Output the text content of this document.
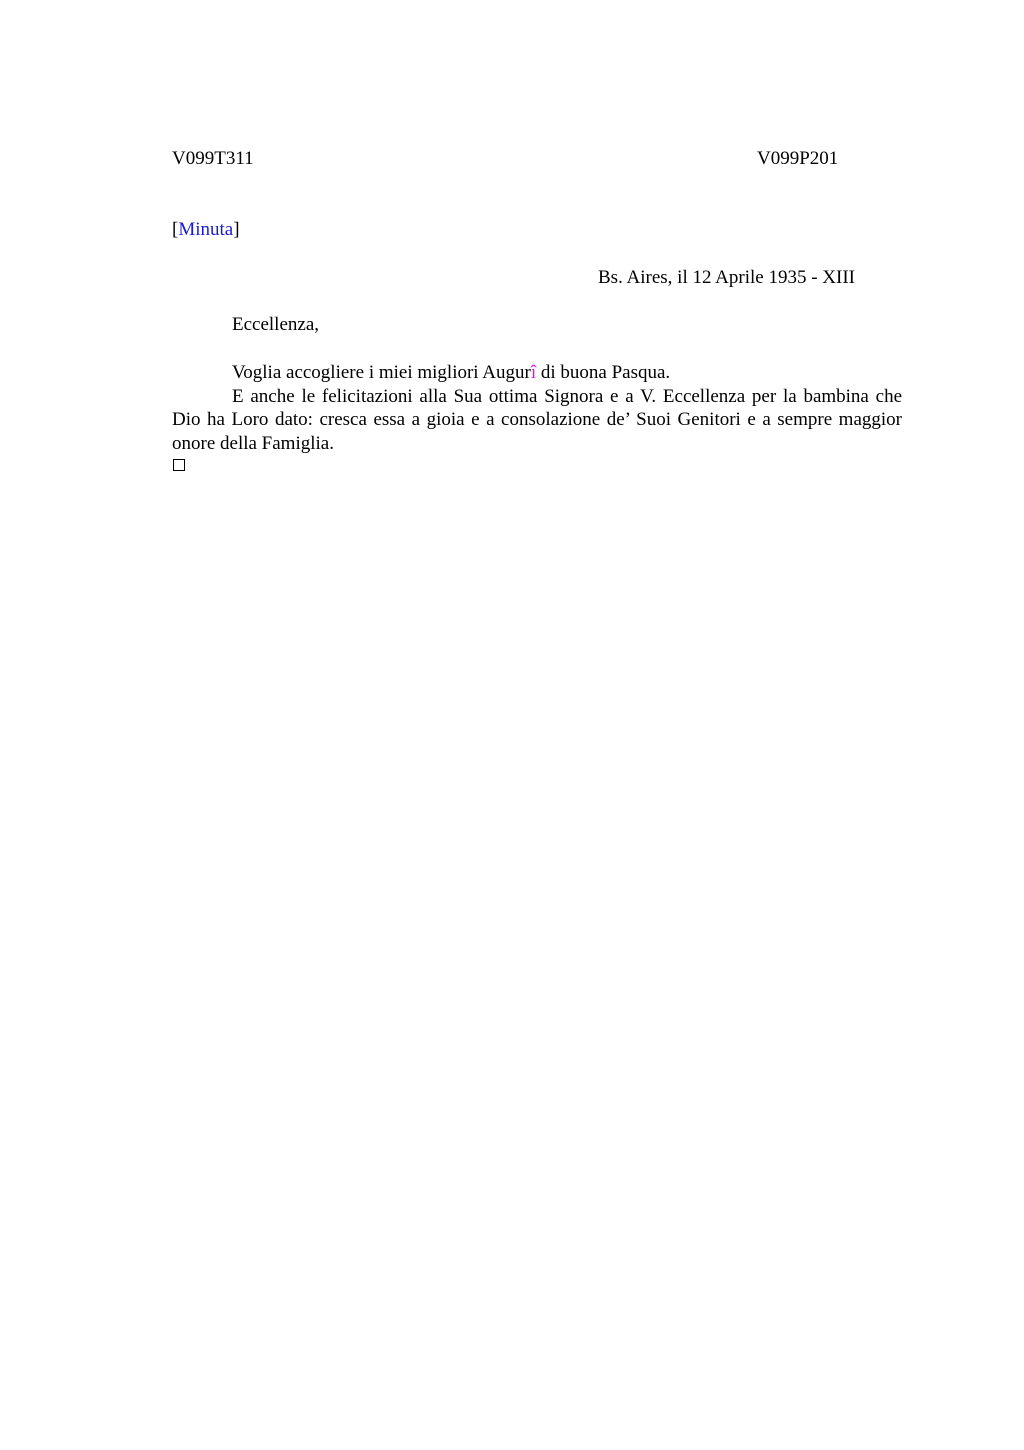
V099T311	V099P201
[Minuta]
Bs. Aires, il 12 Aprile 1935 - XIII
Eccellenza,

Voglia accogliere i miei migliori Augurî di buona Pasqua.

E anche le felicitazioni alla Sua ottima Signora e a V. Eccellenza per la bambina che Dio ha Loro dato: cresca essa a gioia e a consolazione de’ Suoi Genitori e a sempre maggior onore della Famiglia.
